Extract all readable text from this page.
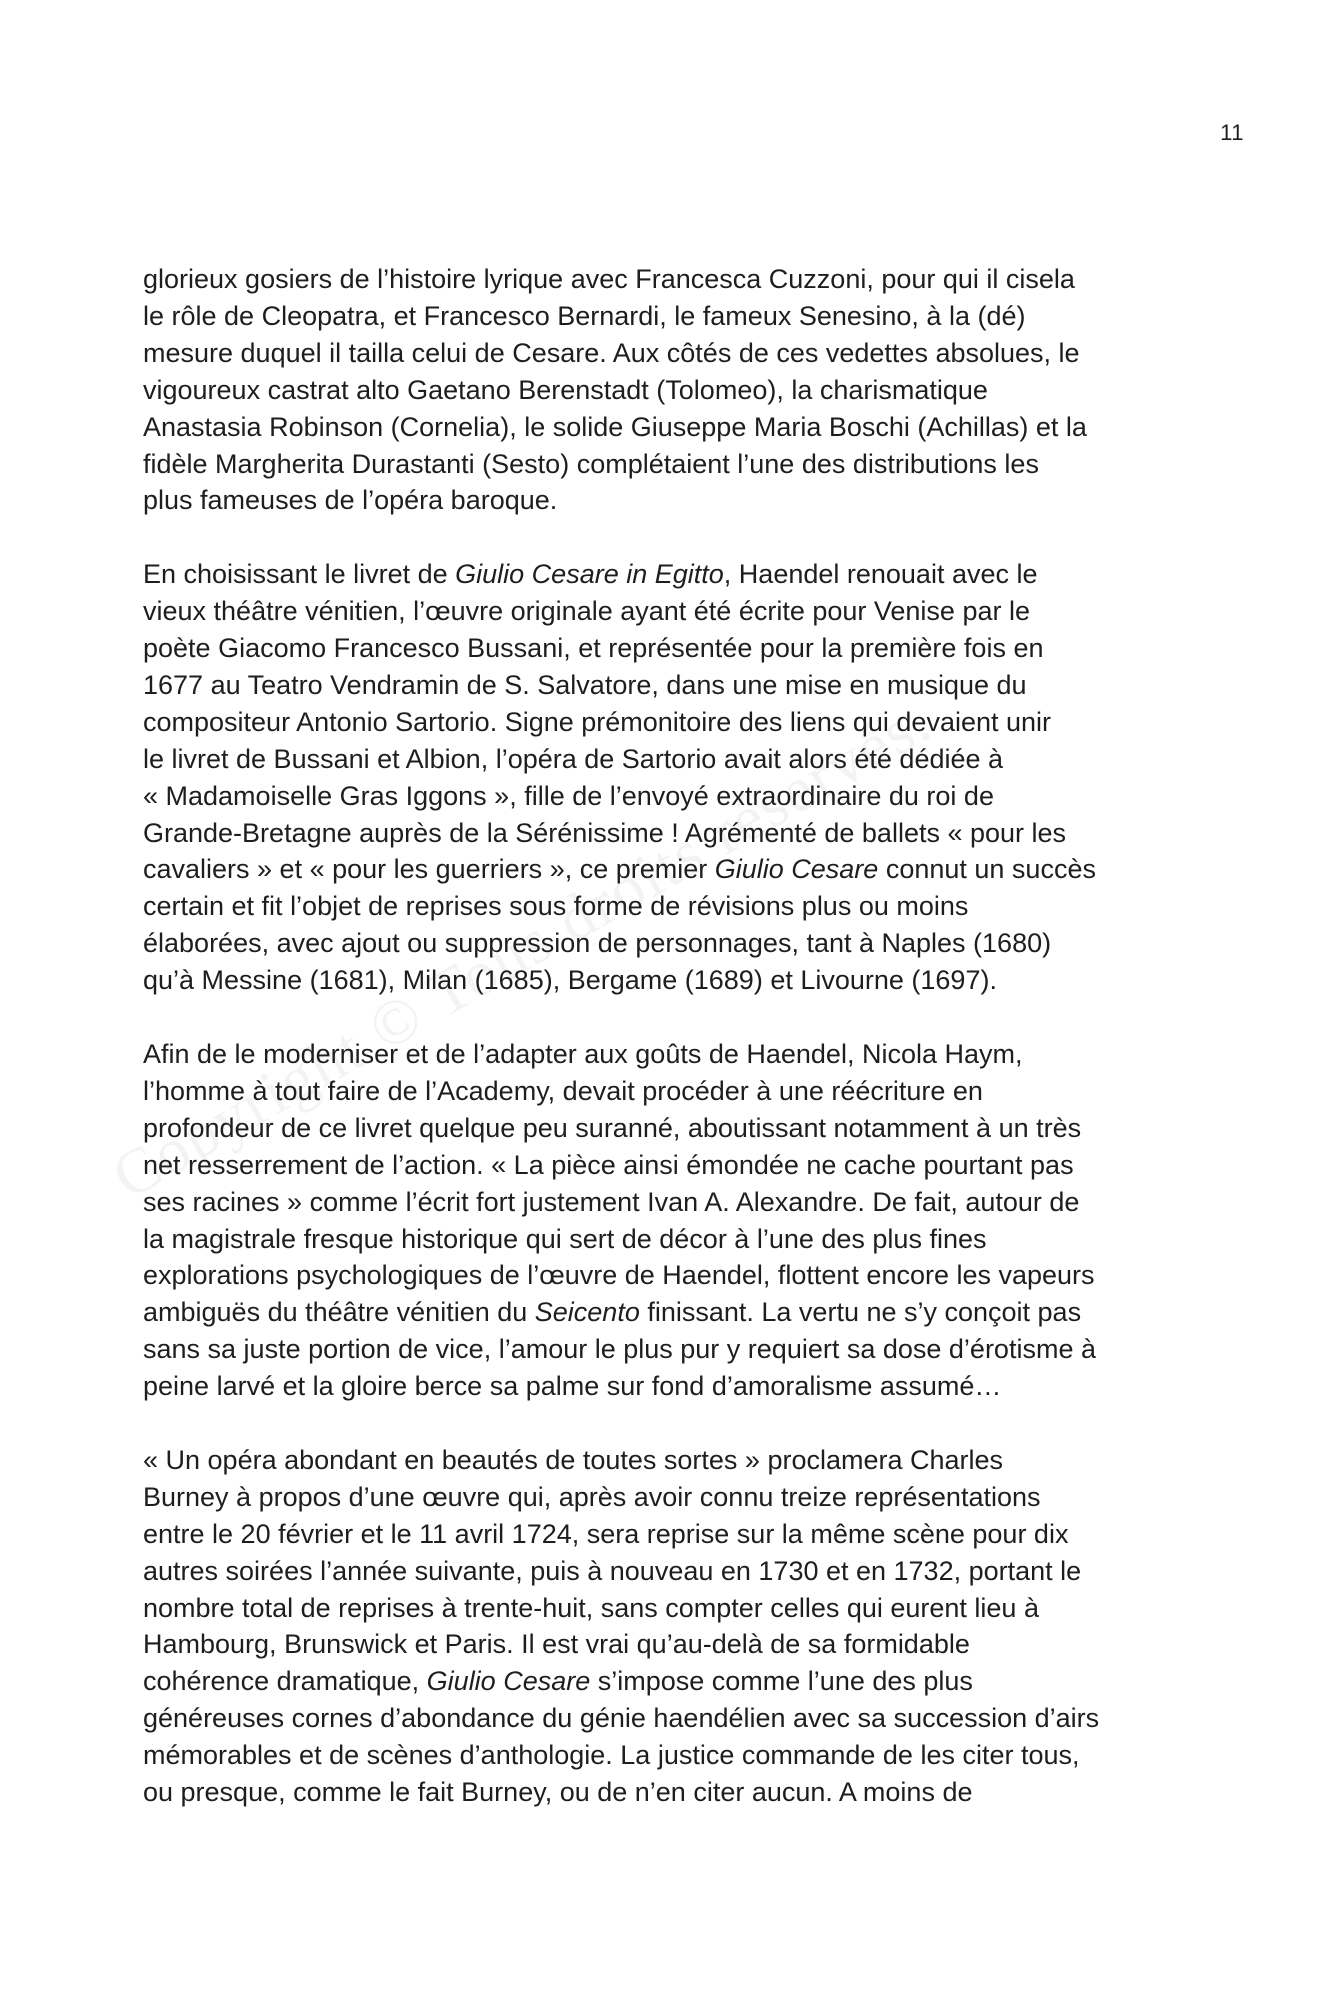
11

glorieux gosiers de l’histoire lyrique avec Francesca Cuzzoni, pour qui il cisela
le rôle de Cleopatra, et Francesco Bernardi, le fameux Senesino, à la (dé)
mesure duquel il tailla celui de Cesare. Aux côtés de ces vedettes absolues, le
vigoureux castrat alto Gaetano Berenstadt (Tolomeo), la charismatique
Anastasia Robinson (Cornelia), le solide Giuseppe Maria Boschi (Achillas) et la
fidèle Margherita Durastanti (Sesto) complétaient l’une des distributions les
plus fameuses de l’opéra baroque.

En choisissant le livret de Giulio Cesare in Egitto, Haendel renouait avec le
vieux théâtre vénitien, l’œuvre originale ayant été écrite pour Venise par le
poète Giacomo Francesco Bussani, et représentée pour la première fois en
1677 au Teatro Vendramin de S. Salvatore, dans une mise en musique du
compositeur Antonio Sartorio. Signe prémonitoire des liens qui devaient unir
le livret de Bussani et Albion, l’opéra de Sartorio avait alors été dédiée à
« Madamoiselle Gras Iggons », fille de l’envoyé extraordinaire du roi de
Grande-Bretagne auprès de la Sérénissime ! Agrémenté de ballets « pour les
cavaliers » et « pour les guerriers », ce premier Giulio Cesare connut un succès
certain et fit l’objet de reprises sous forme de révisions plus ou moins
élaborées, avec ajout ou suppression de personnages, tant à Naples (1680)
qu’à Messine (1681), Milan (1685), Bergame (1689) et Livourne (1697).

Afin de le moderniser et de l’adapter aux goûts de Haendel, Nicola Haym,
l’homme à tout faire de l’Academy, devait procéder à une réécriture en
profondeur de ce livret quelque peu suranné, aboutissant notamment à un très
net resserrement de l’action. « La pièce ainsi émondée ne cache pourtant pas
ses racines » comme l’écrit fort justement Ivan A. Alexandre. De fait, autour de
la magistrale fresque historique qui sert de décor à l’une des plus fines
explorations psychologiques de l’œuvre de Haendel, flottent encore les vapeurs
ambiguës du théâtre vénitien du Seicento finissant. La vertu ne s’y conçoit pas
sans sa juste portion de vice, l’amour le plus pur y requiert sa dose d’érotisme à
peine larvé et la gloire berce sa palme sur fond d’amoralisme assumé…

« Un opéra abondant en beautés de toutes sortes » proclamera Charles
Burney à propos d’une œuvre qui, après avoir connu treize représentations
entre le 20 février et le 11 avril 1724, sera reprise sur la même scène pour dix
autres soirées l’année suivante, puis à nouveau en 1730 et en 1732, portant le
nombre total de reprises à trente-huit, sans compter celles qui eurent lieu à
Hambourg, Brunswick et Paris. Il est vrai qu’au-delà de sa formidable
cohérence dramatique, Giulio Cesare s’impose comme l’une des plus
généreuses cornes d’abondance du génie haendélien avec sa succession d’airs
mémorables et de scènes d’anthologie. La justice commande de les citer tous,
ou presque, comme le fait Burney, ou de n’en citer aucun. A moins de
